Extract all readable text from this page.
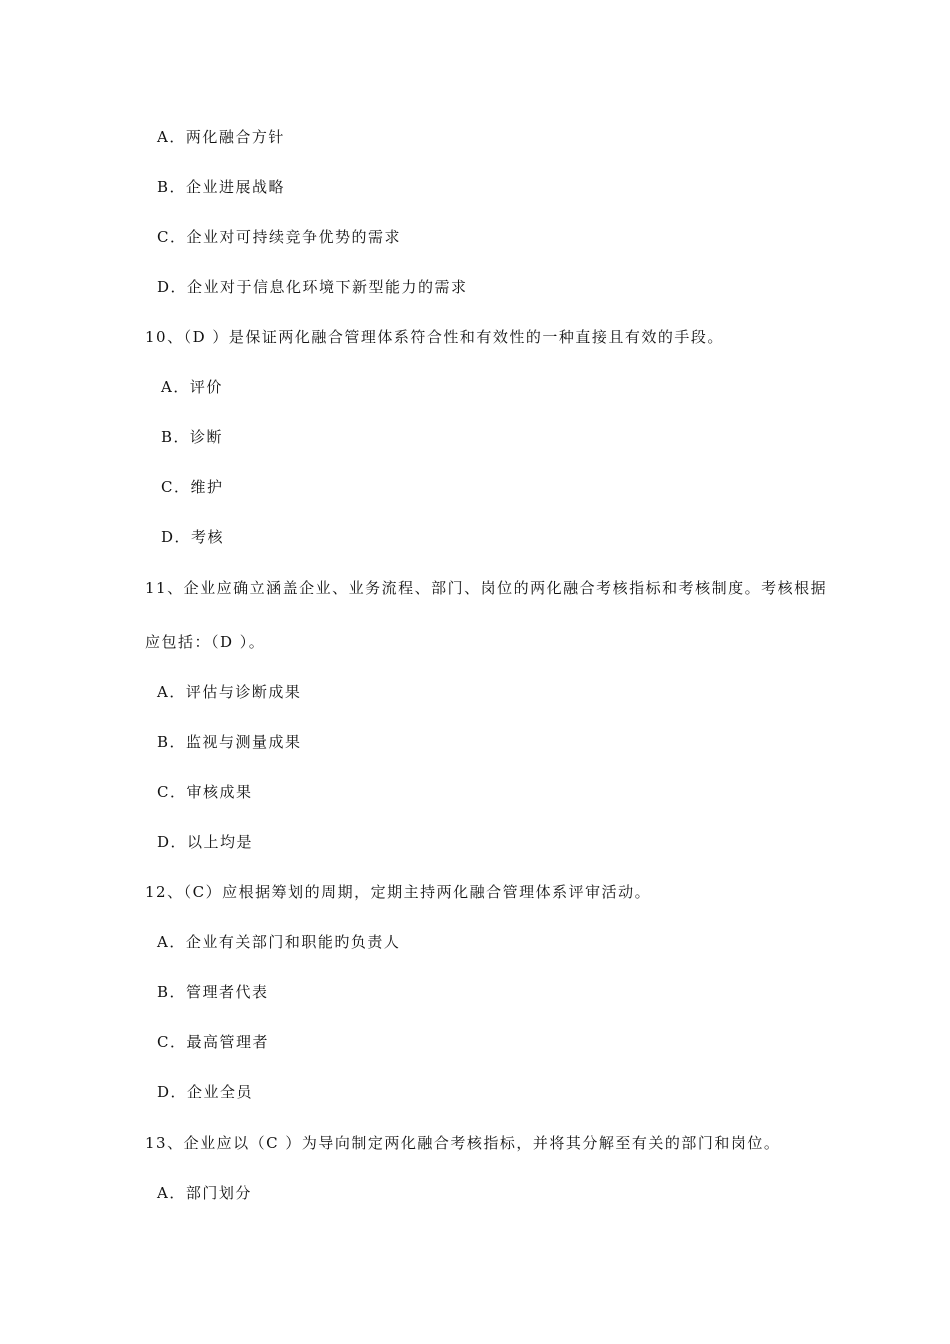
A．两化融合方针
B．企业进展战略
C．企业对可持续竞争优势的需求
D．企业对于信息化环境下新型能力的需求
10、（D ）是保证两化融合管理体系符合性和有效性的一种直接且有效的手段。
A．评价
B．诊断
C．维护
D．考核
11、企业应确立涵盖企业、业务流程、部门、岗位的两化融合考核指标和考核制度。考核根据
应包括：（D ）。
A．评估与诊断成果
B．监视与测量成果
C．审核成果
D．以上均是
12、（C）应根据筹划的周期，定期主持两化融合管理体系评审活动。
A．企业有关部门和职能旳负责人
B．管理者代表
C．最高管理者
D．企业全员
13、企业应以（C ）为导向制定两化融合考核指标，并将其分解至有关的部门和岗位。
A．部门划分
